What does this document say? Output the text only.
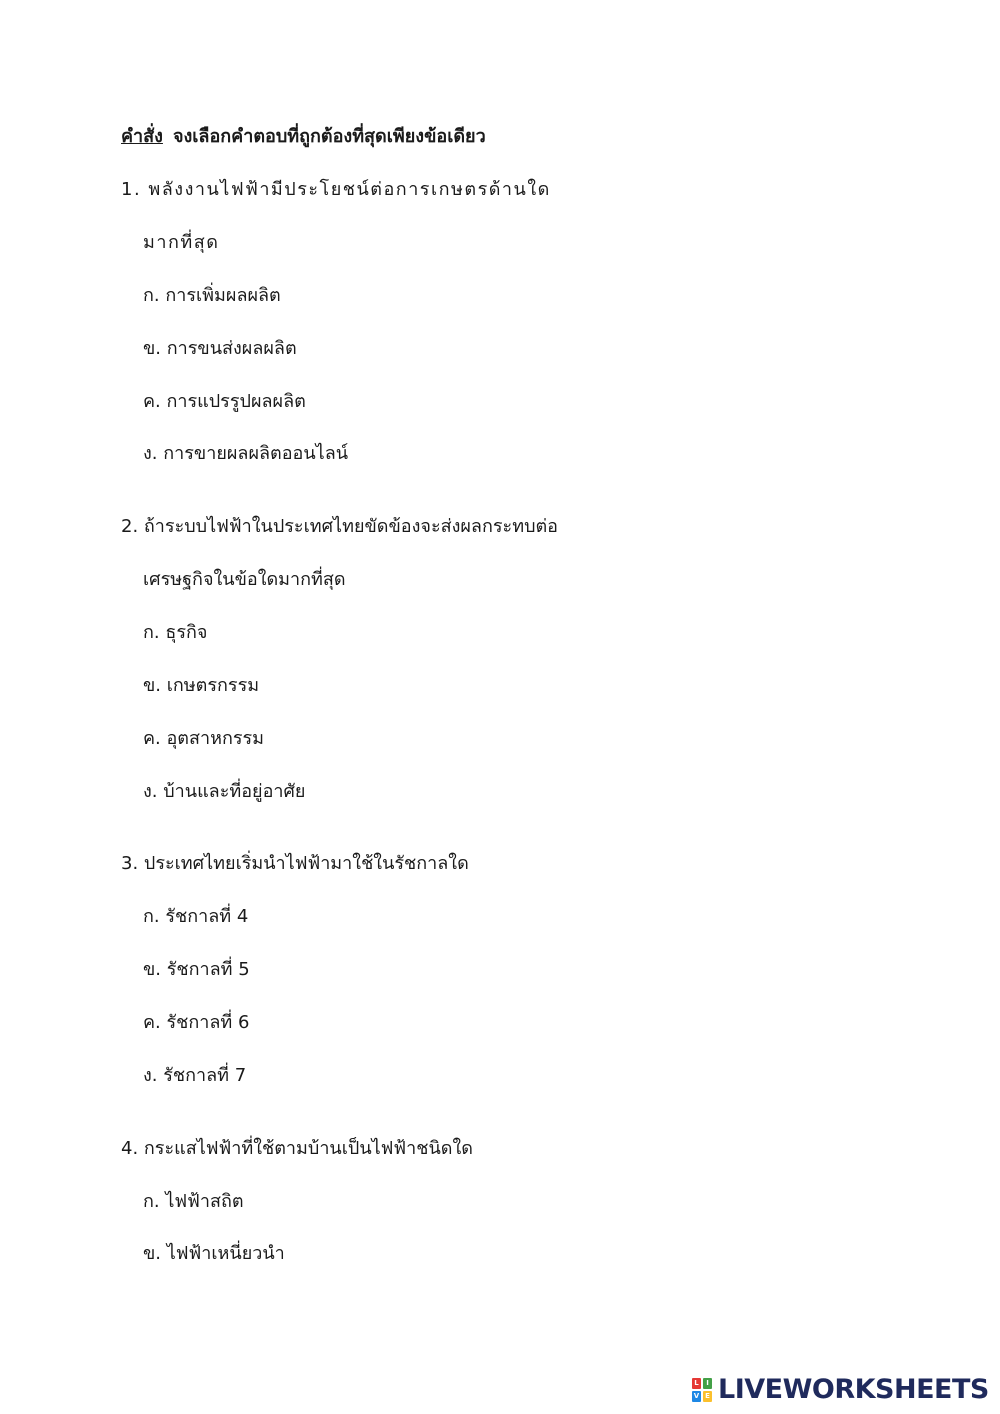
คำสั่ง จงเลือกคำตอบที่ถูกต้องที่สุดเพียงข้อเดียว
1. พลังงานไฟฟ้ามีประโยชน์ต่อการเกษตรด้านใด
มากที่สุด
ก. การเพิ่มผลผลิต
ข. การขนส่งผลผลิต
ค. การแปรรูปผลผลิต
ง. การขายผลผลิตออนไลน์
2. ถ้าระบบไฟฟ้าในประเทศไทยขัดข้องจะส่งผลกระทบต่อ
เศรษฐกิจในข้อใดมากที่สุด
ก. ธุรกิจ
ข. เกษตรกรรม
ค. อุตสาหกรรม
ง. บ้านและที่อยู่อาศัย
3. ประเทศไทยเริ่มนำไฟฟ้ามาใช้ในรัชกาลใด
ก. รัชกาลที่ 4
ข. รัชกาลที่ 5
ค. รัชกาลที่ 6
ง. รัชกาลที่ 7
4. กระแสไฟฟ้าที่ใช้ตามบ้านเป็นไฟฟ้าชนิดใด
ก. ไฟฟ้าสถิต
ข. ไฟฟ้าเหนี่ยวนำ
L	I
V E LIVEWORKSHEETS
